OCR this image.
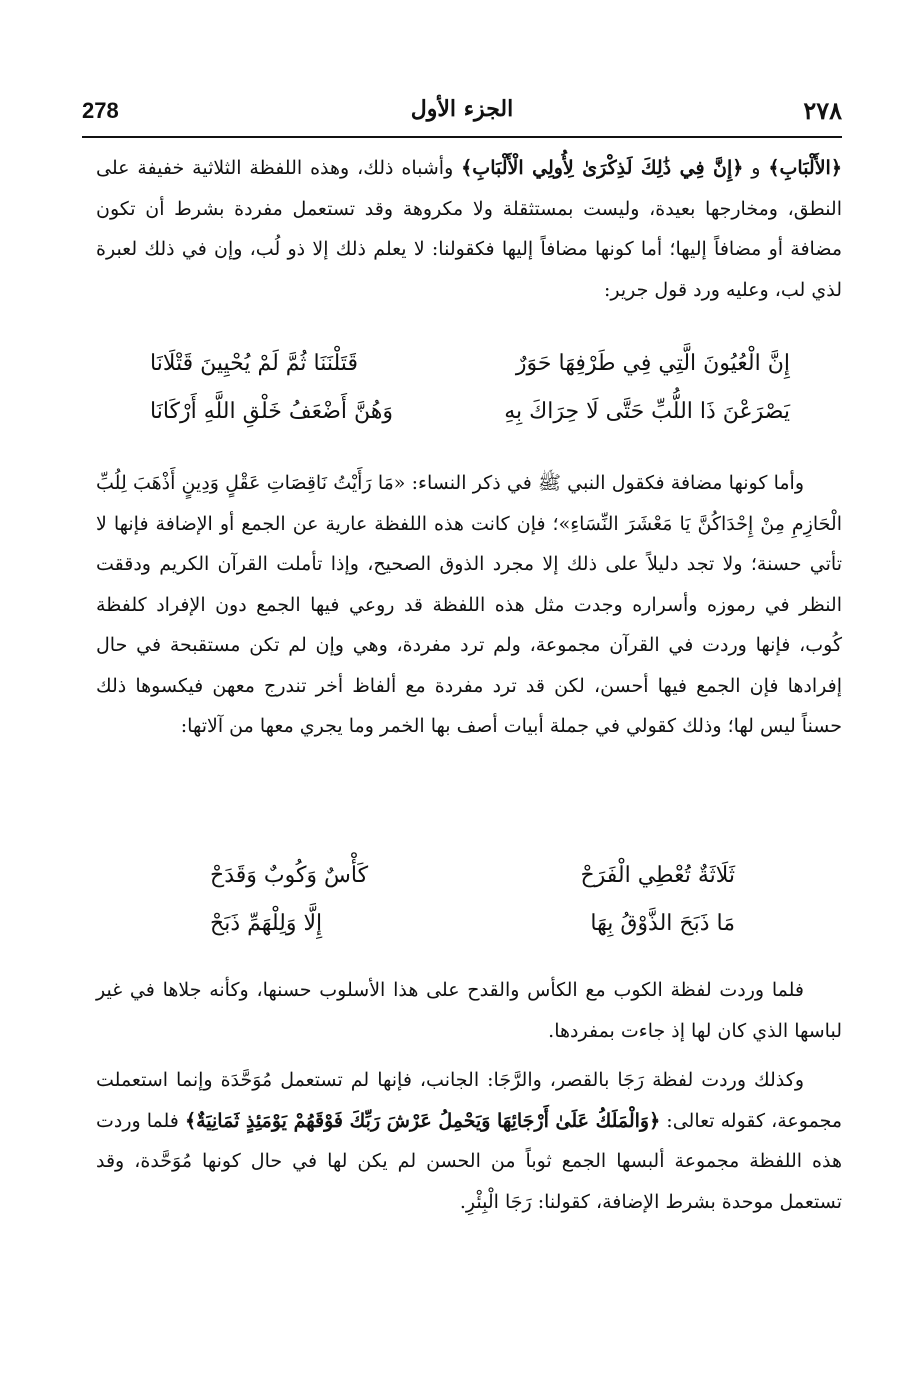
٢٧٨
الجزء الأول
278
﴿الأَلْبَابِ﴾ و ﴿إِنَّ فِي ذَٰلِكَ لَذِكْرَىٰ لِأُولِي الْأَلْبَابِ﴾ وأشباه ذلك، وهذه اللفظة الثلاثية خفيفة على النطق، ومخارجها بعيدة، وليست بمستثقلة ولا مكروهة وقد تستعمل مفردة بشرط أن تكون مضافة أو مضافاً إليها؛ أما كونها مضافاً إليها فكقولنا: لا يعلم ذلك إلا ذو لُب، وإن في ذلك لعبرة لذي لب، وعليه ورد قول جرير:
إِنَّ الْعُيُونَ الَّتِي فِي طَرْفِهَا حَوَرٌ
قَتَلْنَنَا ثُمَّ لَمْ يُحْيِينَ قَتْلَانَا
يَصْرَعْنَ ذَا اللُّبِّ حَتَّى لَا حِرَاكَ بِهِ
وَهُنَّ أَضْعَفُ خَلْقِ اللَّهِ أَرْكَانَا
وأما كونها مضافة فكقول النبي ﷺ في ذكر النساء: «مَا رَأَيْتُ نَاقِصَاتِ عَقْلٍ وَدِينٍ أَذْهَبَ لِلُبِّ الْحَازِمِ مِنْ إِحْدَاكُنَّ يَا مَعْشَرَ النِّسَاءِ»؛ فإن كانت هذه اللفظة عارية عن الجمع أو الإضافة فإنها لا تأتي حسنة؛ ولا تجد دليلاً على ذلك إلا مجرد الذوق الصحيح، وإذا تأملت القرآن الكريم ودققت النظر في رموزه وأسراره وجدت مثل هذه اللفظة قد روعي فيها الجمع دون الإفراد كلفظة كُوب، فإنها وردت في القرآن مجموعة، ولم ترد مفردة، وهي وإن لم تكن مستقبحة في حال إفرادها فإن الجمع فيها أحسن، لكن قد ترد مفردة مع ألفاظ أخر تندرج معهن فيكسوها ذلك حسناً ليس لها؛ وذلك كقولي في جملة أبيات أصف بها الخمر وما يجري معها من آلاتها:
ثَلَاثَةٌ تُعْطِي الْفَرَحْ
كَأْسٌ وَكُوبٌ وَقَدَحْ
مَا ذَبَحَ الذَّوْقُ بِهَا
إِلَّا وَلِلْهَمِّ ذَبَحْ
فلما وردت لفظة الكوب مع الكأس والقدح على هذا الأسلوب حسنها، وكأنه جلاها في غير لباسها الذي كان لها إذ جاءت بمفردها.
وكذلك وردت لفظة رَجَا بالقصر، والرَّجَا: الجانب، فإنها لم تستعمل مُوَحَّدَة وإنما استعملت مجموعة، كقوله تعالى: ﴿وَالْمَلَكُ عَلَىٰ أَرْجَائِهَا وَيَحْمِلُ عَرْشَ رَبِّكَ فَوْقَهُمْ يَوْمَئِذٍ ثَمَانِيَةٌ﴾ فلما وردت هذه اللفظة مجموعة ألبسها الجمع ثوباً من الحسن لم يكن لها في حال كونها مُوَحَّدة، وقد تستعمل موحدة بشرط الإضافة، كقولنا: رَجَا الْبِئْرِ.
